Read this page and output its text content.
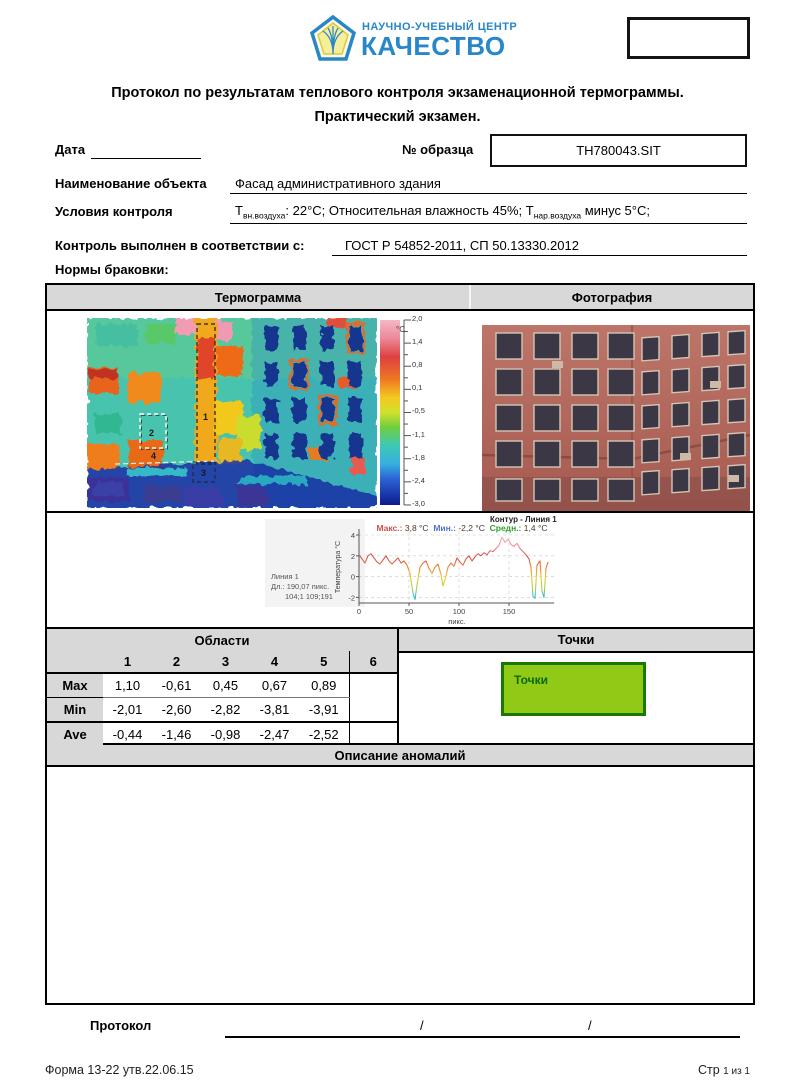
НАУЧНО-УЧЕБНЫЙ ЦЕНТР
КАЧЕСТВО
Протокол по результатам теплового контроля экзаменационной термограммы.
Практический экзамен.
Дата	№ образца	TH780043.SIT
Наименование объекта Фасад административного здания
Условия контроля	$Т_{вн.воздуха}$: 22°C; Относительная влажность 45%; $Т_{нар.воздуха}$ минус 5°C;
Контроль выполнен в соответствии с:	ГОСТ Р 54852-2011, СП 50.13330.2012
Нормы браковки:
Термограмма	Фотография
1
2
3
4
°C
2,0
1,4
0,8
0,1
-0,5
-1,1
-1,8
-2,4
-3,0
Линия 1
Дл.: 190,07 пикс.
104;1 109;191
Контур - Линия 1
Макс.: 3,8 °C Мин.: -2,2 °C Средн.: 1,4 °C
4
2
0
-2
0	50	100	150
пикс.
Температура °C
Области						
	1	2	3	4	5	6
Max	1,10	-0,61	0,45	0,67	0,89	
Min	-2,01	-2,60	-2,82	-3,81	-3,91	
Ave	-0,44	-1,46	-0,98	-2,47	-2,52	
Точки
Точки
Описание аномалий
Протокол	/	/
Форма 13-22 утв.22.06.15	Стр 1 из 1
